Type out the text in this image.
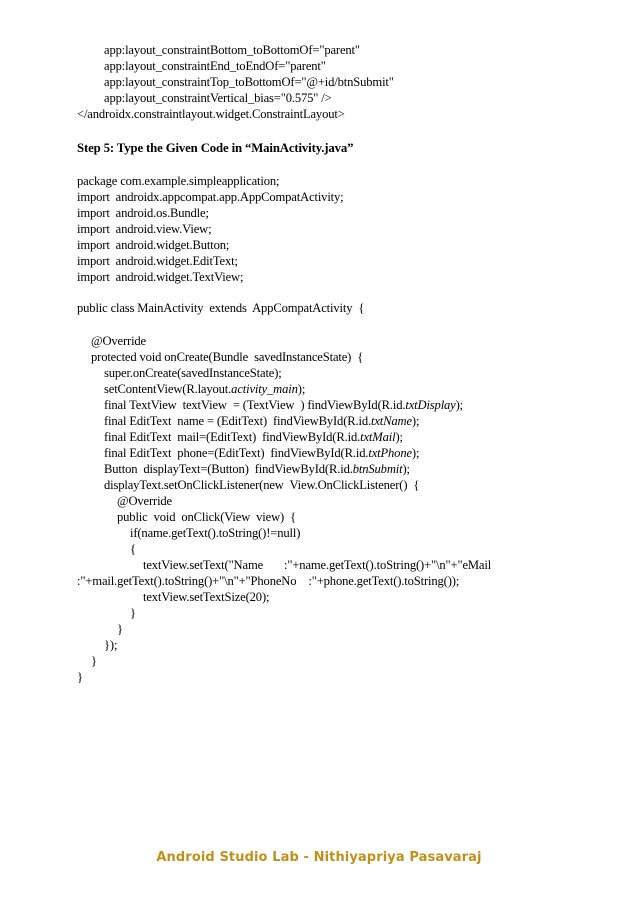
app:layout_constraintBottom_toBottomOf="parent"
app:layout_constraintEnd_toEndOf="parent"
app:layout_constraintTop_toBottomOf="@+id/btnSubmit"
app:layout_constraintVertical_bias="0.575" />
</androidx.constraintlayout.widget.ConstraintLayout>
Step 5: Type the Given Code in “MainActivity.java”
package com.example.simpleapplication;
import  androidx.appcompat.app.AppCompatActivity;
import  android.os.Bundle;
import  android.view.View;
import  android.widget.Button;
import  android.widget.EditText;
import  android.widget.TextView;
public class MainActivity  extends  AppCompatActivity  {
@Override
protected void onCreate(Bundle  savedInstanceState)  {
super.onCreate(savedInstanceState);
setContentView(R.layout.activity_main);
final TextView  textView  = (TextView  ) findViewById(R.id.txtDisplay);
final EditText  name = (EditText)  findViewById(R.id.txtName);
final EditText  mail=(EditText)  findViewById(R.id.txtMail);
final EditText  phone=(EditText)  findViewById(R.id.txtPhone);
Button  displayText=(Button)  findViewById(R.id.btnSubmit);
displayText.setOnClickListener(new  View.OnClickListener()  {
@Override
public  void  onClick(View  view)  {
if(name.getText().toString()!=null)
{
textView.setText("Name       :"+name.getText().toString()+"\n"+"eMail
:"+mail.getText().toString()+"\n"+"PhoneNo    :"+phone.getText().toString());
textView.setTextSize(20);
}
}
});
}
}
Android Studio Lab - Nithiyapriya Pasavaraj
